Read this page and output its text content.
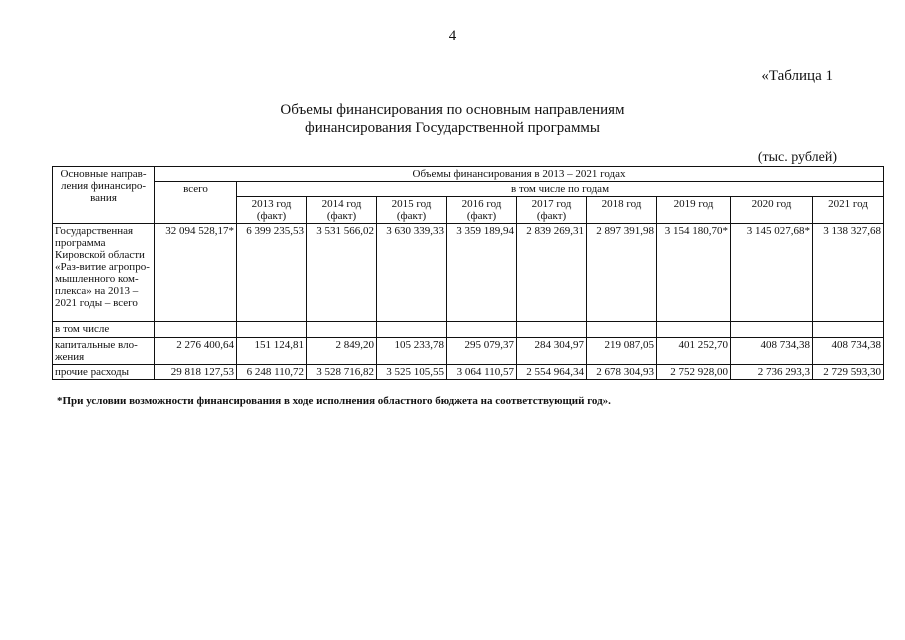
4
«Таблица 1
Объемы финансирования по основным направлениям
финансирования Государственной программы
(тыс. рублей)
Основные направ-ления финансиро-вания	Объемы финансирования в 2013 – 2021 годах									
	всего	в том числе по годам								
		2013 год (факт)	2014 год (факт)	2015 год (факт)	2016 год (факт)	2017 год (факт)	2018 год	2019 год	2020 год	2021 год
Государственная программа Кировской области «Раз-витие агропро-мышленного ком-плекса» на 2013 – 2021 годы – всего	32 094 528,17*	6 399 235,53	3 531 566,02	3 630 339,33	3 359 189,94	2 839 269,31	2 897 391,98	3 154 180,70*	3 145 027,68*	3 138 327,68
в том числе										
капитальные вло-жения	2 276 400,64	151 124,81	2 849,20	105 233,78	295 079,37	284 304,97	219 087,05	401 252,70	408 734,38	408 734,38
прочие расходы	29 818 127,53	6 248 110,72	3 528 716,82	3 525 105,55	3 064 110,57	2 554 964,34	2 678 304,93	2 752 928,00	2 736 293,3	2 729 593,30
*При условии возможности финансирования в ходе исполнения областного бюджета на соответствующий год».
